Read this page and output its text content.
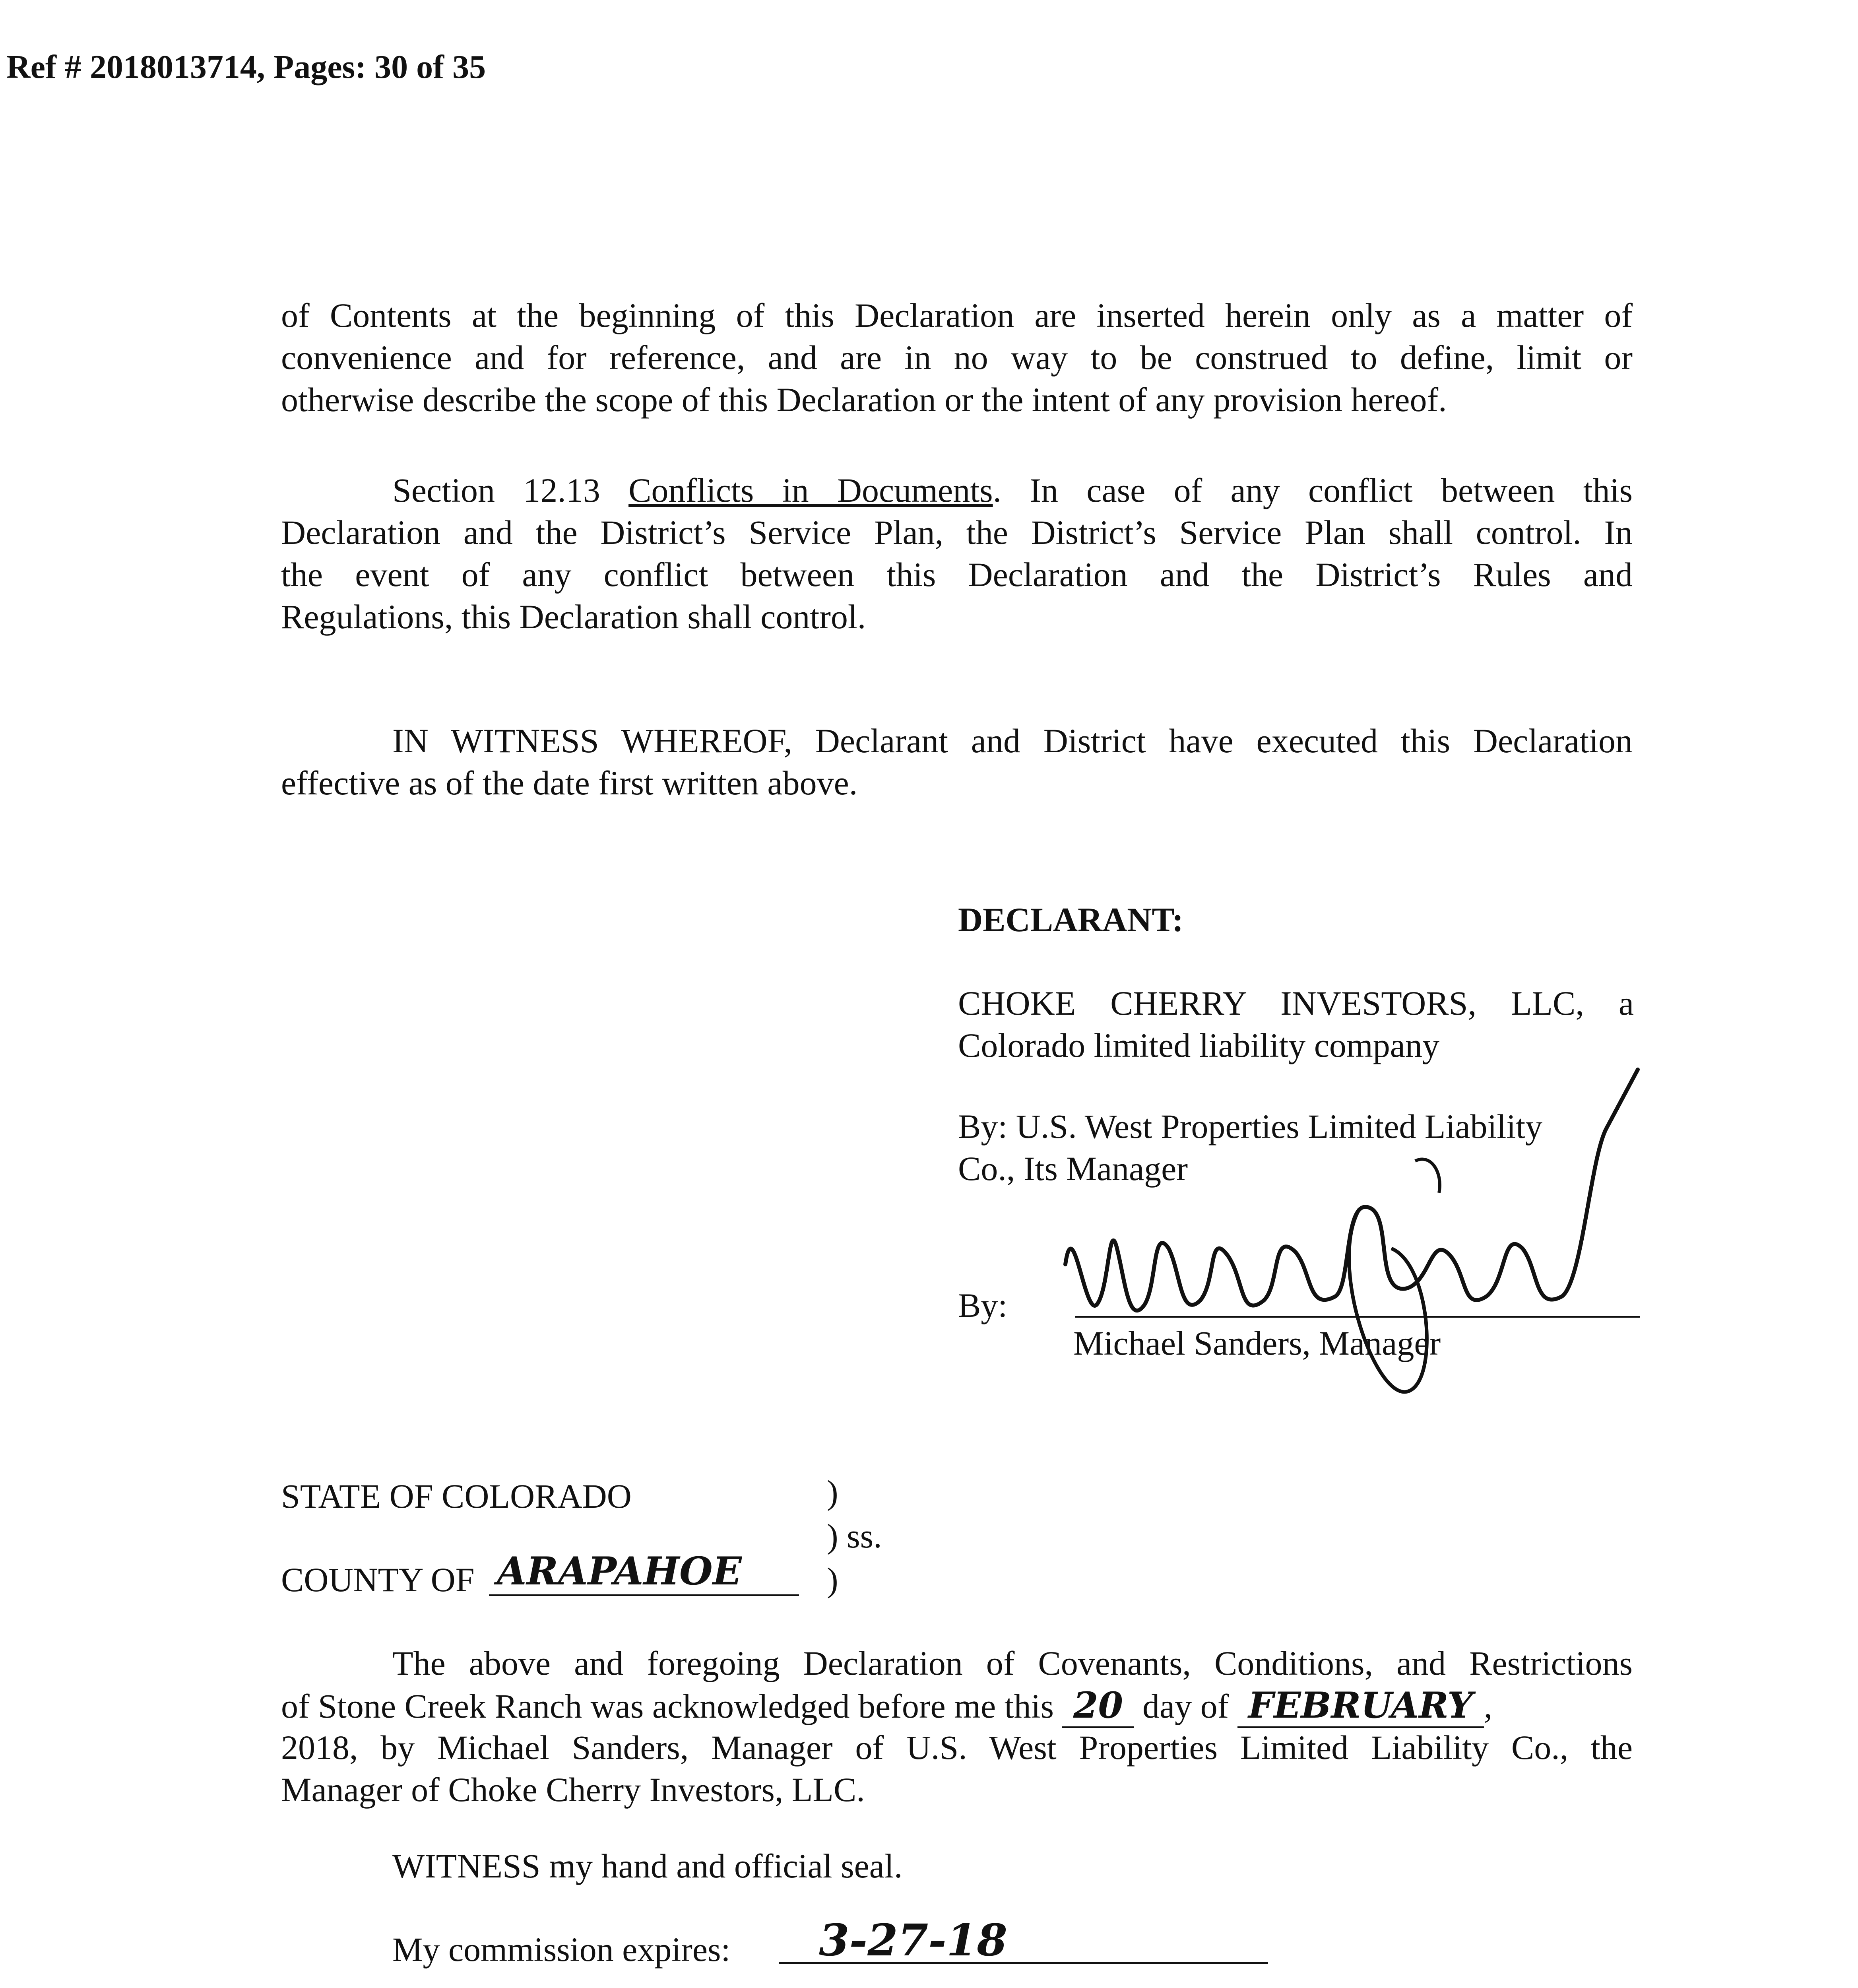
Ref # 2018013714, Pages: 30 of 35
of Contents at the beginning of this Declaration are inserted herein only as a matter of
convenience and for reference, and are in no way to be construed to define, limit or
otherwise describe the scope of this Declaration or the intent of any provision hereof.
Section 12.13 Conflicts in Documents. In case of any conflict between this
Declaration and the District’s Service Plan, the District’s Service Plan shall control. In
the event of any conflict between this Declaration and the District’s Rules and
Regulations, this Declaration shall control.
IN WITNESS WHEREOF, Declarant and District have executed this Declaration
effective as of the date first written above.
DECLARANT:
CHOKE CHERRY INVESTORS, LLC, a
Colorado limited liability company
By: U.S. West Properties Limited Liability
Co., Its Manager
By:
Michael Sanders, Manager
STATE OF COLORADO	)
) ss.
)
COUNTY OF ARAPAHOE
The above and foregoing Declaration of Covenants, Conditions, and Restrictions
of Stone Creek Ranch was acknowledged before me this 20 day of FEBRUARY ,
2018, by Michael Sanders, Manager of U.S. West Properties Limited Liability Co., the
Manager of Choke Cherry Investors, LLC.
WITNESS my hand and official seal.
My commission expires: 3-27-18
